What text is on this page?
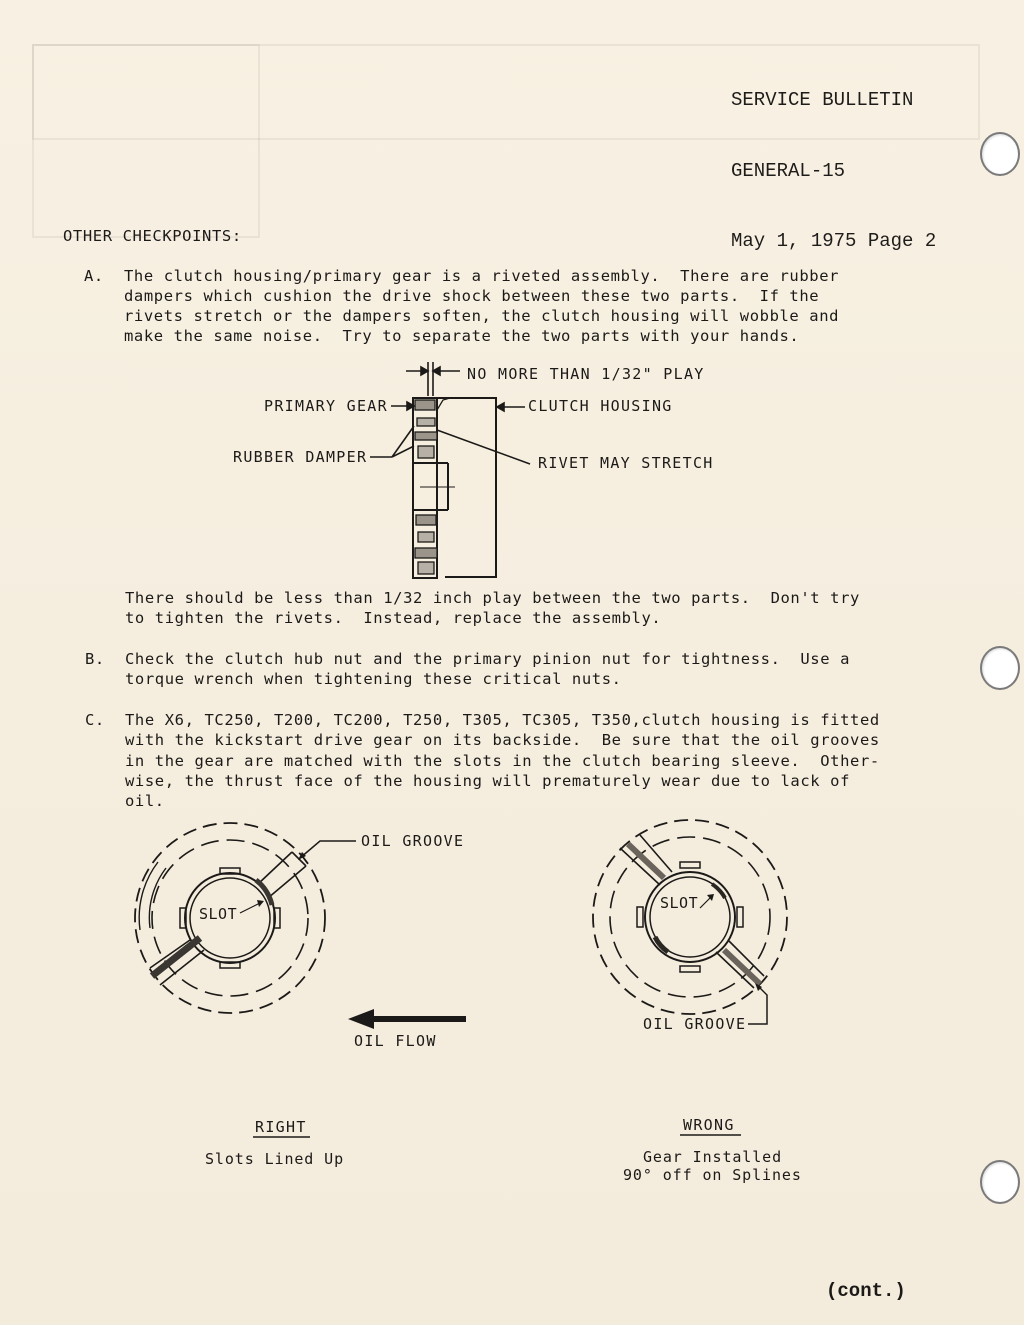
SERVICE BULLETIN

GENERAL-15

May 1, 1975 Page 2

OTHER CHECKPOINTS:
A. The clutch housing/primary gear is a riveted assembly.  There are rubber
dampers which cushion the drive shock between these two parts.  If the
rivets stretch or the dampers soften, the clutch housing will wobble and
make the same noise.  Try to separate the two parts with your hands.
NO MORE THAN 1/32" PLAY
PRIMARY GEAR	CLUTCH HOUSING
RUBBER DAMPER	RIVET MAY STRETCH
There should be less than 1/32 inch play between the two parts.  Don't try
to tighten the rivets.  Instead, replace the assembly.
B. Check the clutch hub nut and the primary pinion nut for tightness.  Use a
torque wrench when tightening these critical nuts.
C. The X6, TC250, T200, TC200, T250, T305, TC305, T350,clutch housing is fitted
with the kickstart drive gear on its backside.  Be sure that the oil grooves
in the gear are matched with the slots in the clutch bearing sleeve.  Other-
wise, the thrust face of the housing will prematurely wear due to lack of
oil.
OIL GROOVE
SLOT
OIL FLOW
SLOT
OIL GROOVE
RIGHT
Slots Lined Up
WRONG
Gear Installed
90° off on Splines
(cont.)
